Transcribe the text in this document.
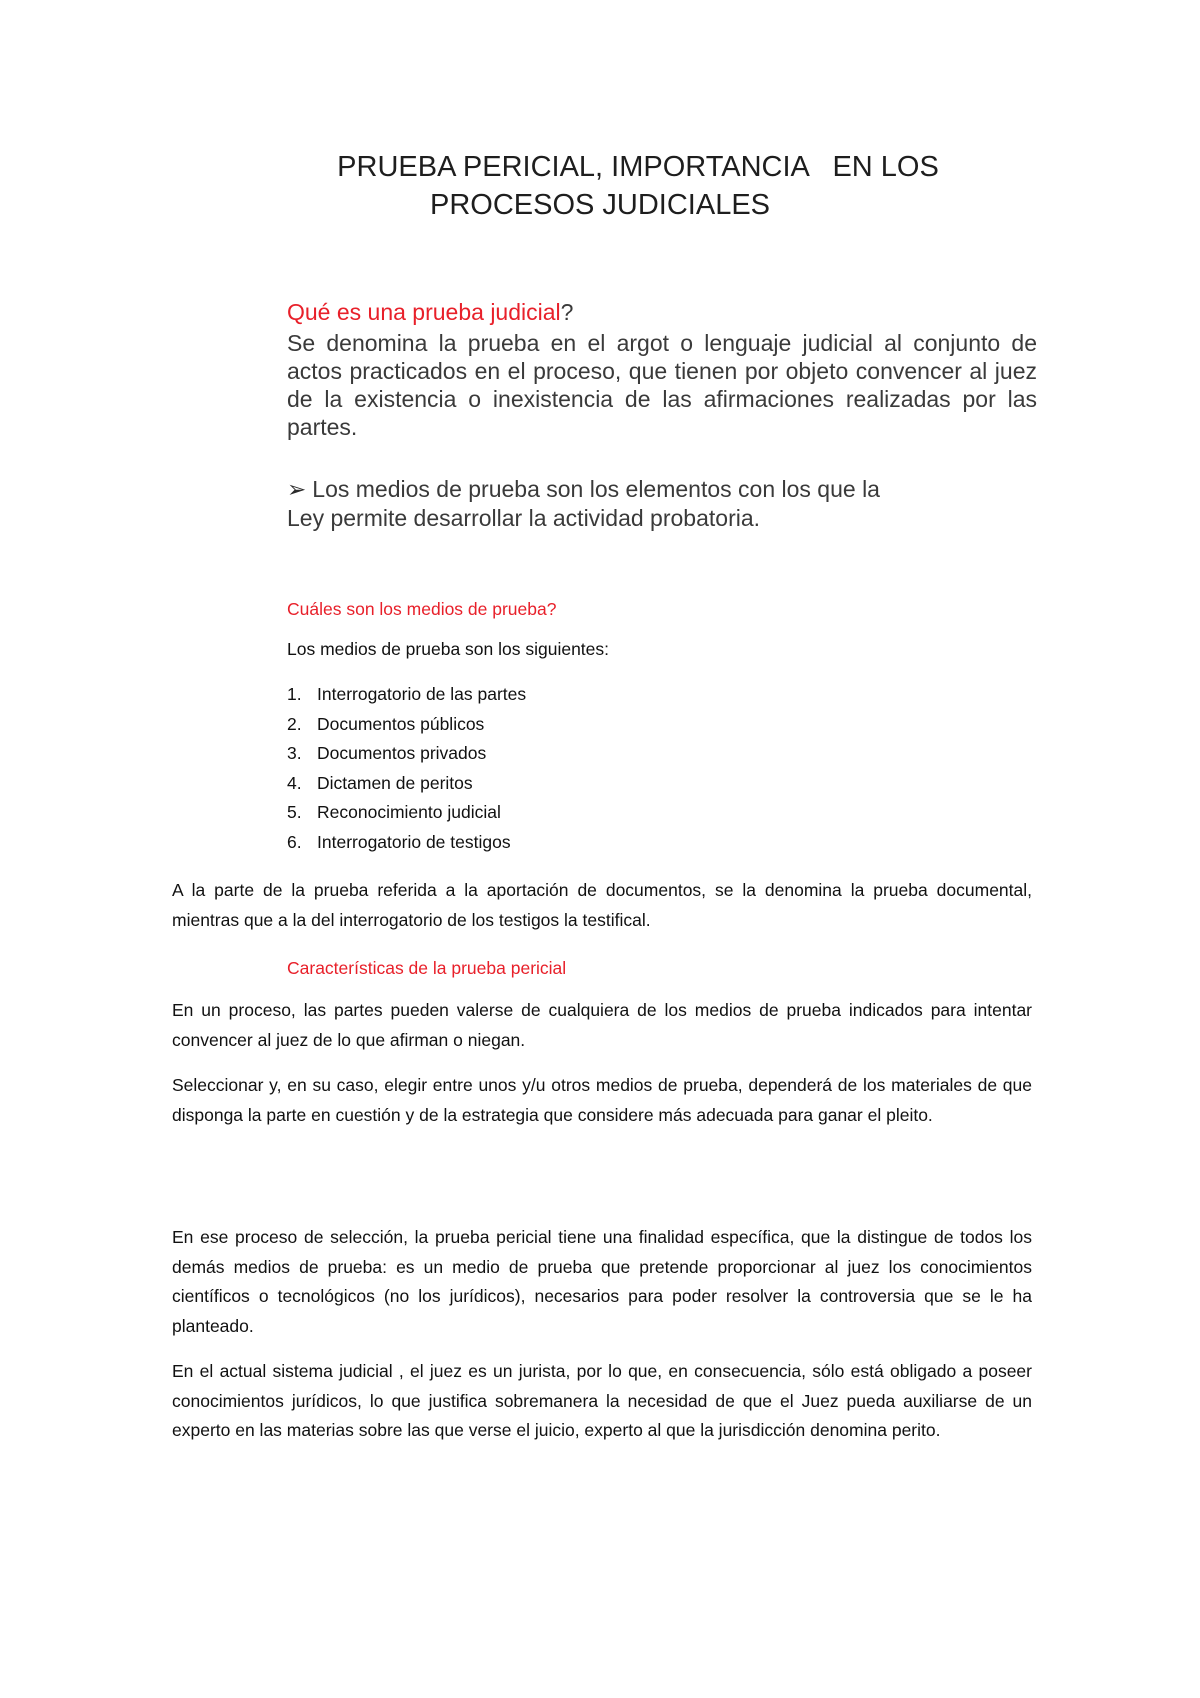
PRUEBA PERICIAL, IMPORTANCIA   EN LOS
PROCESOS JUDICIALES

Qué es una prueba judicial?

Se denomina la prueba en el argot o lenguaje judicial al conjunto de actos practicados en el proceso, que tienen por objeto convencer al juez de la existencia o inexistencia de las afirmaciones realizadas por las partes.

➢ Los medios de prueba son los elementos con los que la
Ley permite desarrollar la actividad probatoria.
Cuáles son los medios de prueba?
Los medios de prueba son los siguientes:
1. Interrogatorio de las partes
2. Documentos públicos
3. Documentos privados
4. Dictamen de peritos
5. Reconocimiento judicial
6. Interrogatorio de testigos
A la parte de la prueba referida a la aportación de documentos, se la denomina la prueba documental, mientras que a la del interrogatorio de los testigos la testifical.
Características de la prueba pericial
En un proceso, las partes pueden valerse de cualquiera de los medios de prueba indicados para intentar convencer al juez de lo que afirman o niegan.
Seleccionar y, en su caso, elegir entre unos y/u otros medios de prueba, dependerá de los materiales de que disponga la parte en cuestión y de la estrategia que considere más adecuada para ganar el pleito.
En ese proceso de selección, la prueba pericial tiene una finalidad específica, que la distingue de todos los demás medios de prueba: es un medio de prueba que pretende proporcionar al juez los conocimientos científicos o tecnológicos (no los jurídicos), necesarios para poder resolver la controversia que se le ha planteado.
En el actual sistema judicial , el juez es un jurista, por lo que, en consecuencia, sólo está obligado a poseer conocimientos jurídicos, lo que justifica sobremanera la necesidad de que el Juez pueda auxiliarse de un experto en las materias sobre las que verse el juicio, experto al que la jurisdicción denomina perito.
